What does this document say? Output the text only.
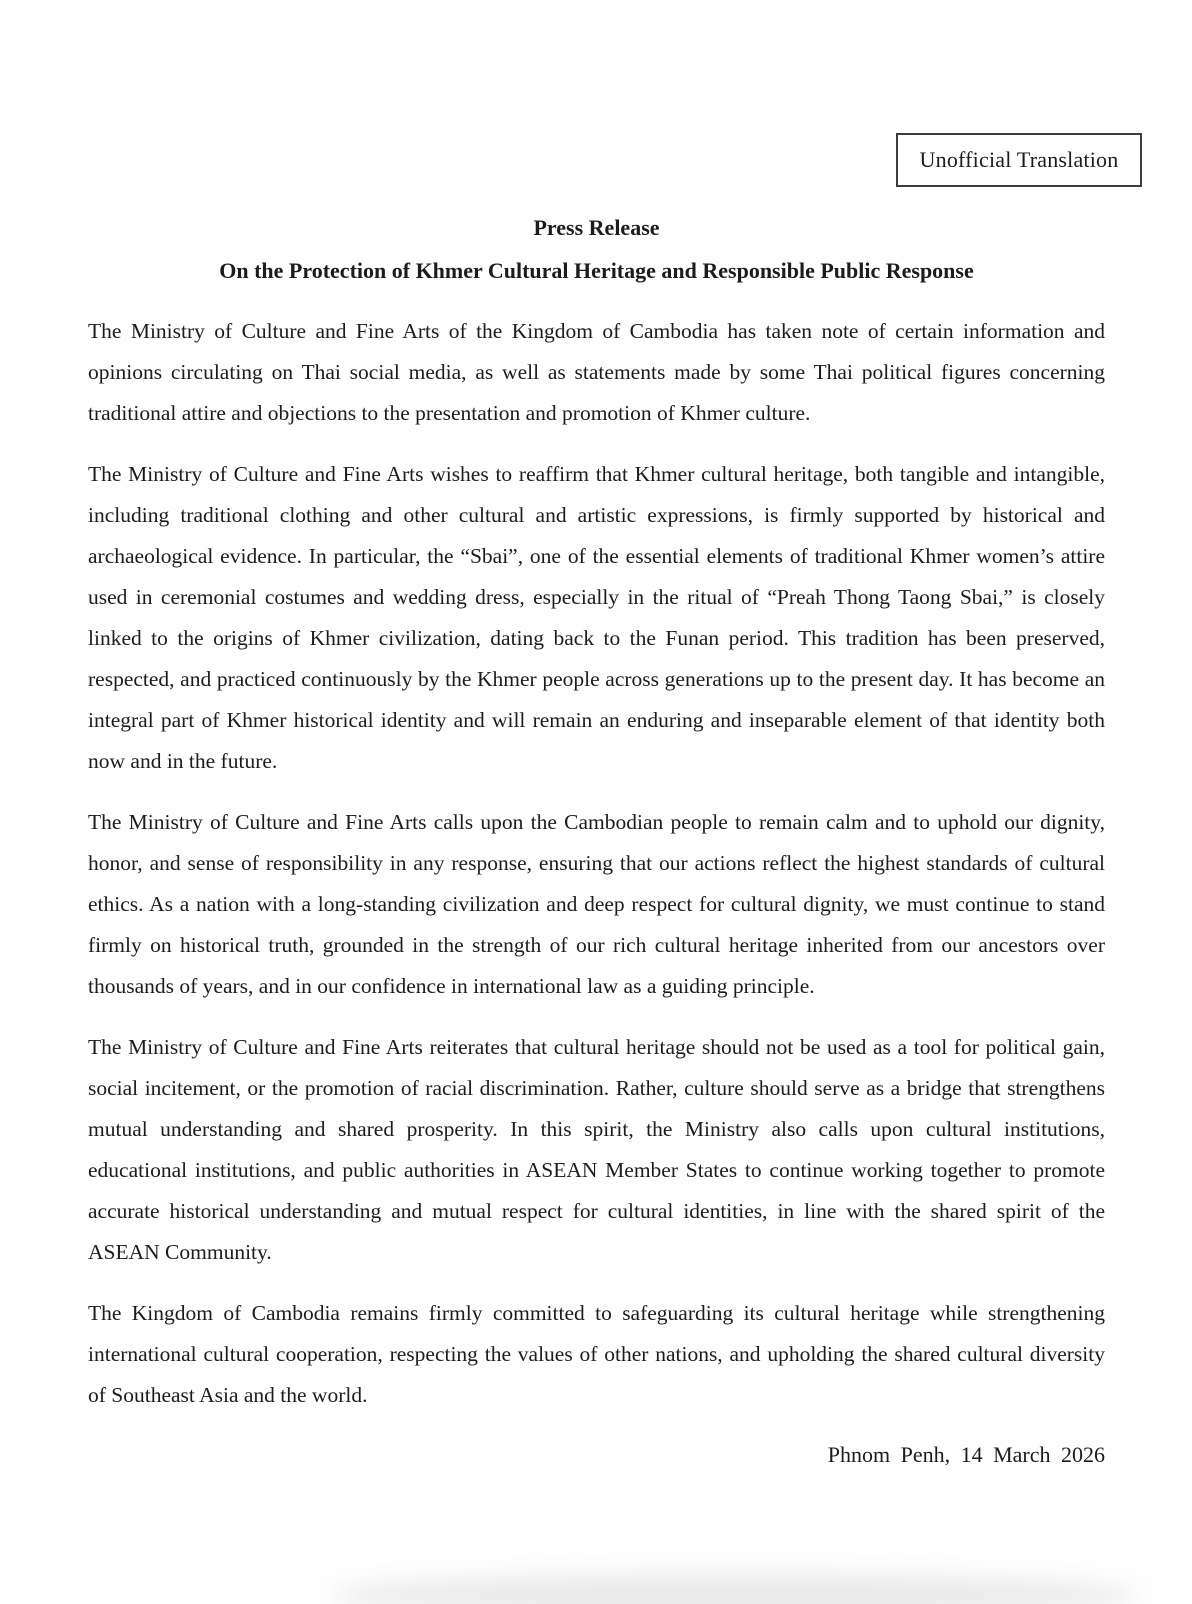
Unofficial Translation
Press Release
On the Protection of Khmer Cultural Heritage and Responsible Public Response

The Ministry of Culture and Fine Arts of the Kingdom of Cambodia has taken note of certain information and opinions circulating on Thai social media, as well as statements made by some Thai political figures concerning traditional attire and objections to the presentation and promotion of Khmer culture.

The Ministry of Culture and Fine Arts wishes to reaffirm that Khmer cultural heritage, both tangible and intangible, including traditional clothing and other cultural and artistic expressions, is firmly supported by historical and archaeological evidence. In particular, the “Sbai”, one of the essential elements of traditional Khmer women’s attire used in ceremonial costumes and wedding dress, especially in the ritual of “Preah Thong Taong Sbai,” is closely linked to the origins of Khmer civilization, dating back to the Funan period. This tradition has been preserved, respected, and practiced continuously by the Khmer people across generations up to the present day. It has become an integral part of Khmer historical identity and will remain an enduring and inseparable element of that identity both now and in the future.

The Ministry of Culture and Fine Arts calls upon the Cambodian people to remain calm and to uphold our dignity, honor, and sense of responsibility in any response, ensuring that our actions reflect the highest standards of cultural ethics. As a nation with a long-standing civilization and deep respect for cultural dignity, we must continue to stand firmly on historical truth, grounded in the strength of our rich cultural heritage inherited from our ancestors over thousands of years, and in our confidence in international law as a guiding principle.

The Ministry of Culture and Fine Arts reiterates that cultural heritage should not be used as a tool for political gain, social incitement, or the promotion of racial discrimination. Rather, culture should serve as a bridge that strengthens mutual understanding and shared prosperity. In this spirit, the Ministry also calls upon cultural institutions, educational institutions, and public authorities in ASEAN Member States to continue working together to promote accurate historical understanding and mutual respect for cultural identities, in line with the shared spirit of the ASEAN Community.

The Kingdom of Cambodia remains firmly committed to safeguarding its cultural heritage while strengthening international cultural cooperation, respecting the values of other nations, and upholding the shared cultural diversity of Southeast Asia and the world.

Phnom Penh, 14 March 2026
